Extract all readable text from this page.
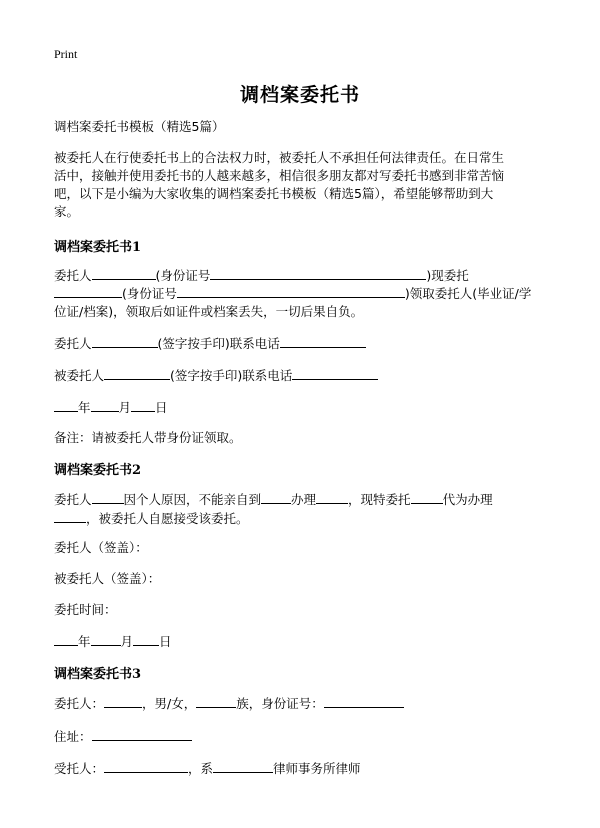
Print
调档案委托书
调档案委托书模板（精选5篇）
被委托人在行使委托书上的合法权力时，被委托人不承担任何法律责任。在日常生
活中，接触并使用委托书的人越来越多，相信很多朋友都对写委托书感到非常苦恼
吧，以下是小编为大家收集的调档案委托书模板（精选5篇），希望能够帮助到大
家。
调档案委托书1
委托人	(身份证号	)现委托
(身份证号	)领取委托人(毕业证/学
位证/档案)，领取后如证件或档案丢失，一切后果自负。
委托人	(签字按手印)联系电话
被委托人	(签字按手印)联系电话
年 月 日
备注：请被委托人带身份证领取。
调档案委托书2
委托人	因个人原因，不能亲自到 办理	，现特委托	代为办理
，被委托人自愿接受该委托。
委托人（签盖）：
被委托人（签盖）：
委托时间：
年 月 日
调档案委托书3
委托人：	，男/女，	族，身份证号：
住址：
受托人：	，系	律师事务所律师
